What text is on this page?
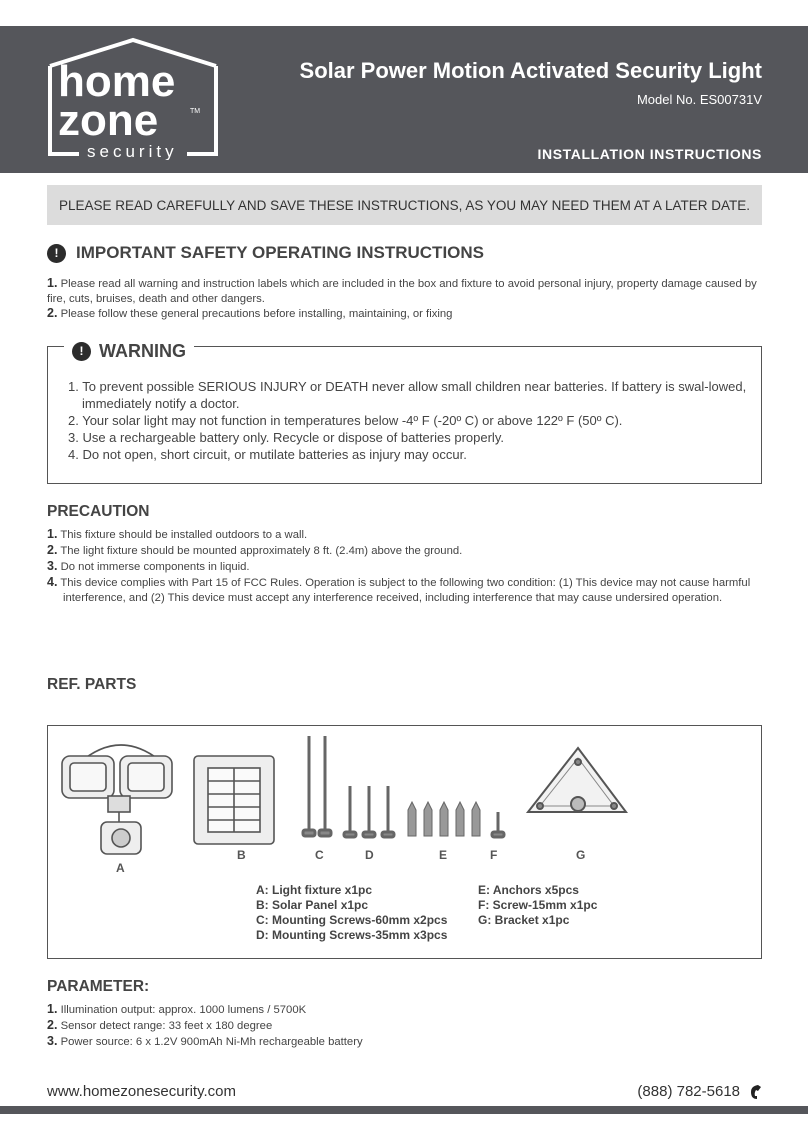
home
zone	TM
security
Solar Power Motion Activated Security Light
Model No. ES00731V
INSTALLATION INSTRUCTIONS
PLEASE READ CAREFULLY AND SAVE THESE INSTRUCTIONS, AS YOU MAY NEED THEM AT A LATER DATE.
!	IMPORTANT SAFETY OPERATING INSTRUCTIONS
1. Please read all warning and instruction labels which are included in the box and fixture to avoid personal injury, property damage caused by fire, cuts, bruises, death and other dangers.
2. Please follow these general precautions before installing, maintaining, or fixing
! WARNING
1. To prevent possible SERIOUS INJURY or DEATH never allow small children near batteries. If battery is swal-lowed, immediately notify a doctor.
2. Your solar light may not function in temperatures below -4º F (-20º C) or above 122º F (50º C).
3. Use a rechargeable battery only. Recycle or dispose of batteries properly.
4. Do not open, short circuit, or mutilate batteries as injury may occur.
PRECAUTION
1. This fixture should be installed outdoors to a wall.
2. The light fixture should be mounted approximately 8 ft. (2.4m) above the ground.
3. Do not immerse components in liquid.
4. This device complies with Part 15 of FCC Rules. Operation is subject to the following two condition: (1) This device may not cause harmful interference, and (2) This device must accept any interference received, including interference that may cause undersired operation.
REF. PARTS
A
B	C	D	E	F	G
A: Light fixture x1pc
B: Solar Panel x1pc
C: Mounting Screws-60mm x2pcs
D: Mounting Screws-35mm x3pcs
E: Anchors x5pcs
F: Screw-15mm x1pc
G: Bracket x1pc
PARAMETER:
1. Illumination output: approx. 1000 lumens / 5700K
2. Sensor detect range: 33 feet x 180 degree
3. Power source: 6 x 1.2V 900mAh Ni-Mh rechargeable battery
www.homezonesecurity.com	(888) 782-5618
